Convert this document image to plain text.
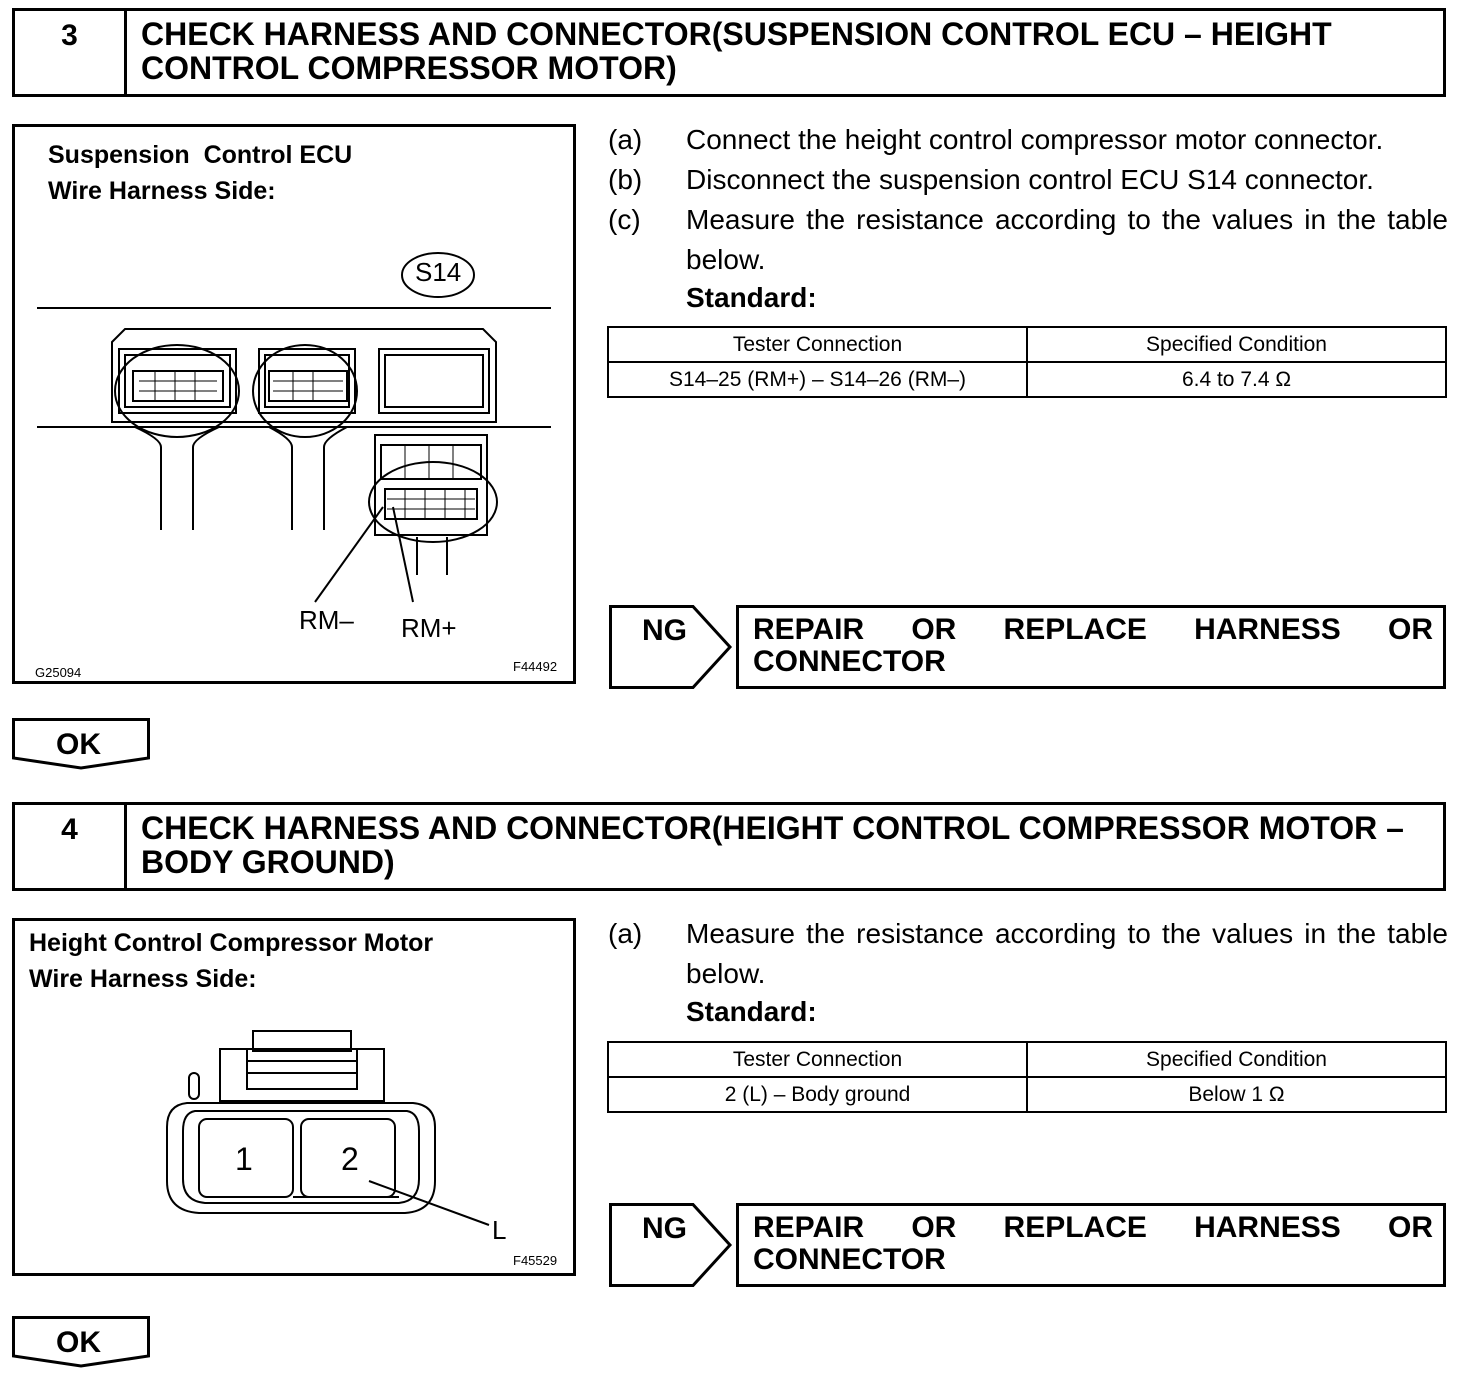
3	CHECK HARNESS AND CONNECTOR(SUSPENSION CONTROL ECU – HEIGHT CONTROL COMPRESSOR MOTOR)
Suspension  Control ECU
Wire Harness Side:
S14
RM– RM+
G25094	F44492
(a) Connect the height control compressor motor connector.
(b) Disconnect the suspension control ECU S14 connector.
(c) Measure the resistance according to the values in the table below.
Standard:
Tester Connection	Specified Condition
S14–25 (RM+) – S14–26 (RM–)	6.4 to 7.4 Ω
NG REPAIR OR REPLACE HARNESS OR CONNECTOR
OK
4	CHECK HARNESS AND CONNECTOR(HEIGHT CONTROL COMPRESSOR MOTOR – BODY GROUND)
Height Control Compressor Motor
Wire Harness Side:
1	2
L
F45529
(a) Measure the resistance according to the values in the table below.
Standard:
Tester Connection	Specified Condition
2 (L) – Body ground	Below 1 Ω
NG REPAIR OR REPLACE HARNESS OR CONNECTOR
OK
